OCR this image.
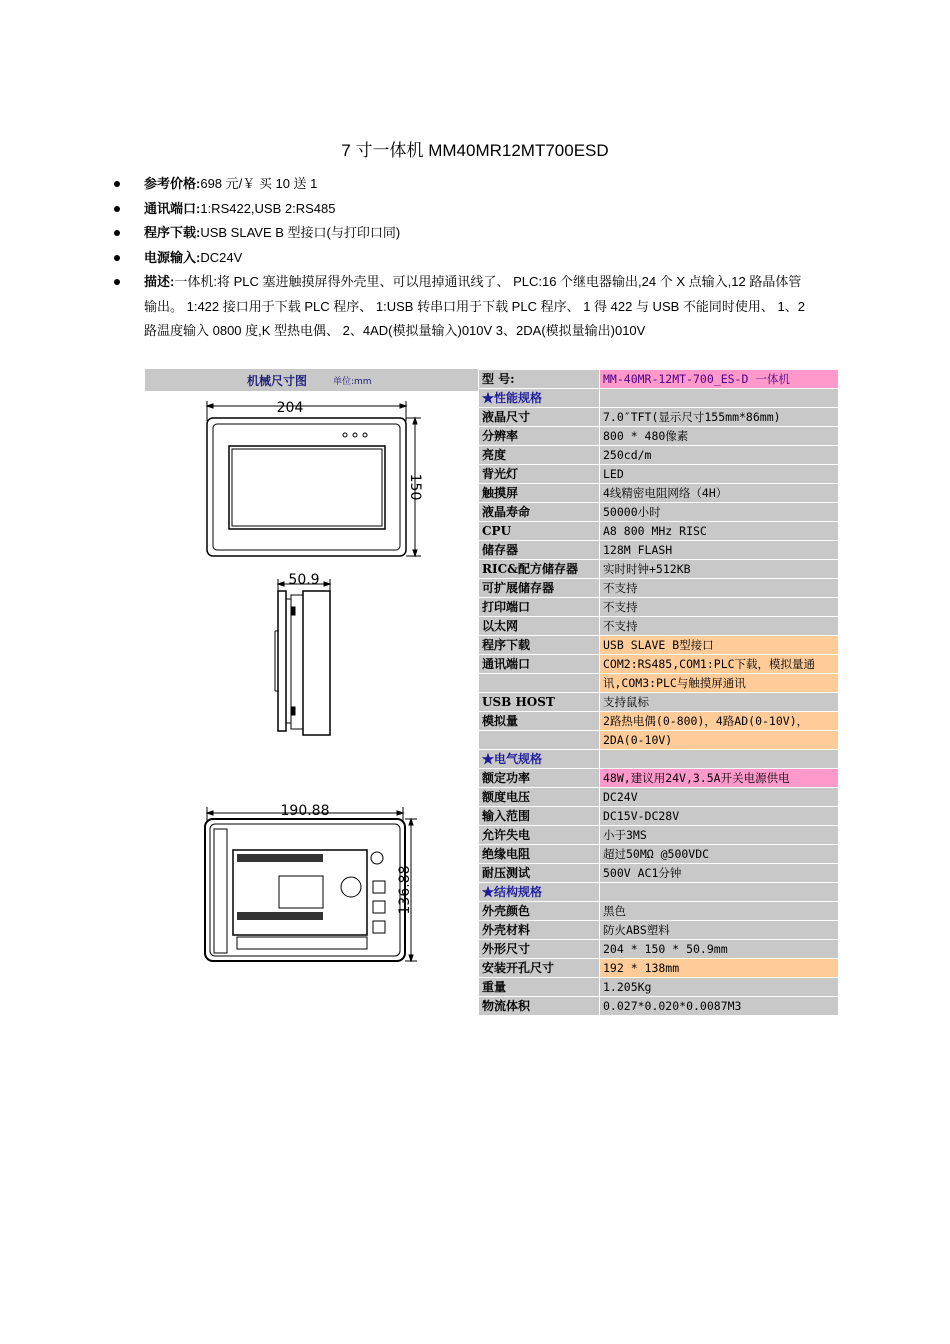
7 寸一体机 MM40MR12MT700ESD
参考价格:698 元/￥ 买 10 送 1
通讯端口:1:RS422,USB 2:RS485
程序下载:USB SLAVE B 型接口(与打印口同)
电源输入:DC24V
描述:一体机:将 PLC 塞进触摸屏得外壳里、可以甩掉通讯线了、 PLC:16 个继电器输出,24 个 X 点输入,12 路晶体管输出。 1:422 接口用于下载 PLC 程序、 1:USB 转串口用于下载 PLC 程序、 1 得 422 与 USB 不能同时使用、 1、2 路温度输入 0800 度,K 型热电偶、 2、4AD(模拟量输入)010V 3、2DA(模拟量输出)010V
机械尺寸图	单位:mm
204
150
50.9
190.88
136.88
型 号:	MM-40MR-12MT-700_ES-D 一体机
★性能规格	
液晶尺寸	7.0″TFT(显示尺寸155mm*86mm)
分辨率	800 * 480像素
亮度	250cd/m
背光灯	LED
触摸屏	4线精密电阻网络（4H）
液晶寿命	50000小时
CPU	A8 800 MHz RISC
储存器	128M FLASH
RIC&配方储存器	实时时钟+512KB
可扩展储存器	不支持
打印端口	不支持
以太网	不支持
程序下载	USB SLAVE B型接口
通讯端口	COM2:RS485,COM1:PLC下载，模拟量通
	讯,COM3:PLC与触摸屏通讯
USB HOST	支持鼠标
模拟量	2路热电偶(0-800)，4路AD(0-10V)，
	2DA(0-10V)
★电气规格	
额定功率	48W,建议用24V,3.5A开关电源供电
额度电压	DC24V
输入范围	DC15V-DC28V
允许失电	小于3MS
绝缘电阻	超过50MΩ @500VDC
耐压测试	500V AC1分钟
★结构规格	
外壳颜色	黑色
外壳材料	防火ABS塑料
外形尺寸	204 * 150 * 50.9mm
安装开孔尺寸	192 * 138mm
重量	1.205Kg
物流体积	0.027*0.020*0.0087M3
